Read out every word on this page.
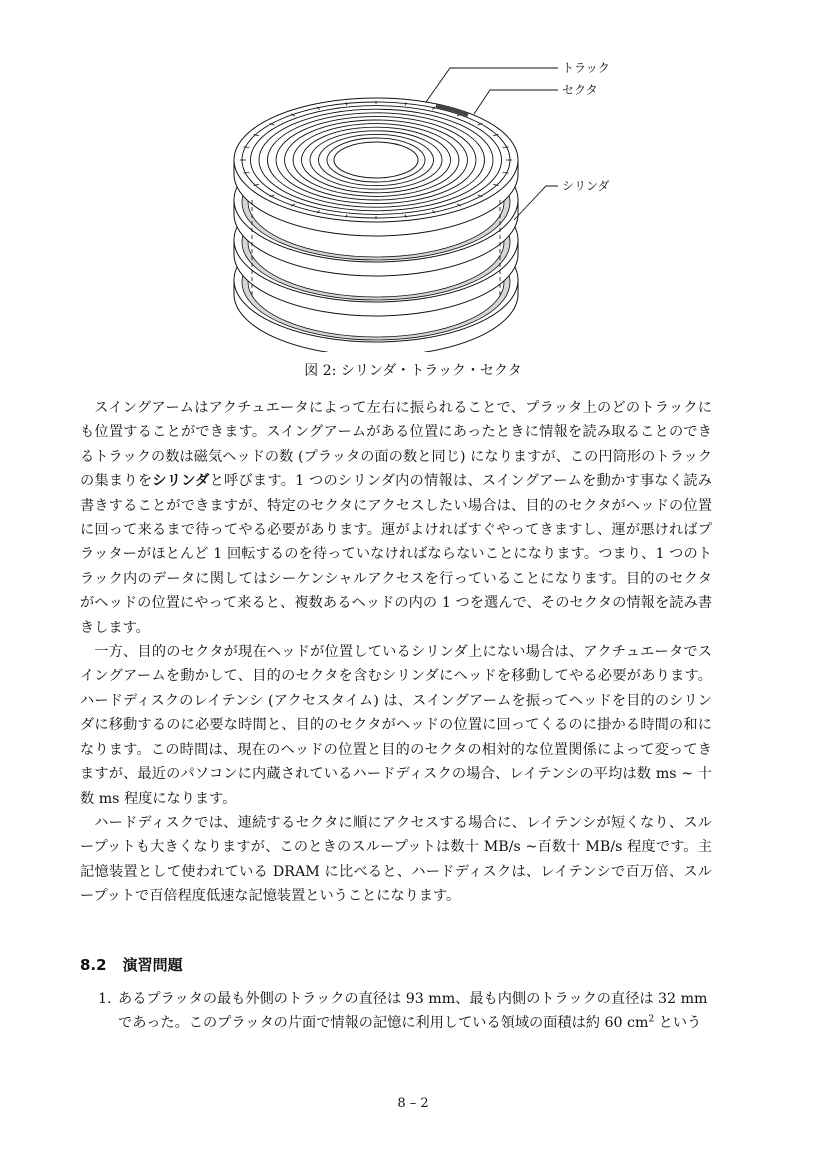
トラック
セクタ
シリンダ
図 2: シリンダ・トラック・セクタ

スイングアームはアクチュエータによって左右に振られることで、プラッタ上のどのトラックにも位置することができます。スイングアームがある位置にあったときに情報を読み取ることのできるトラックの数は磁気ヘッドの数 (プラッタの面の数と同じ) になりますが、この円筒形のトラックの集まりをシリンダと呼びます。1 つのシリンダ内の情報は、スイングアームを動かす事なく読み書きすることができますが、特定のセクタにアクセスしたい場合は、目的のセクタがヘッドの位置に回って来るまで待ってやる必要があります。運がよければすぐやってきますし、運が悪ければプラッターがほとんど 1 回転するのを待っていなければならないことになります。つまり、1 つのトラック内のデータに関してはシーケンシャルアクセスを行っていることになります。目的のセクタがヘッドの位置にやって来ると、複数あるヘッドの内の 1 つを選んで、そのセクタの情報を読み書きします。

一方、目的のセクタが現在ヘッドが位置しているシリンダ上にない場合は、アクチュエータでスイングアームを動かして、目的のセクタを含むシリンダにヘッドを移動してやる必要があります。ハードディスクのレイテンシ (アクセスタイム) は、スイングアームを振ってヘッドを目的のシリンダに移動するのに必要な時間と、目的のセクタがヘッドの位置に回ってくるのに掛かる時間の和になります。この時間は、現在のヘッドの位置と目的のセクタの相対的な位置関係によって変ってきますが、最近のパソコンに内蔵されているハードディスクの場合、レイテンシの平均は数 ms ~ 十数 ms 程度になります。

ハードディスクでは、連続するセクタに順にアクセスする場合に、レイテンシが短くなり、スループットも大きくなりますが、このときのスループットは数十 MB/s ~百数十 MB/s 程度です。主記憶装置として使われている DRAM に比べると、ハードディスクは、レイテンシで百万倍、スループットで百倍程度低速な記憶装置ということになります。

8.2 演習問題
1. あるプラッタの最も外側のトラックの直径は 93 mm、最も内側のトラックの直径は 32 mm であった。このプラッタの片面で情報の記憶に利用している領域の面積は約 60 $cm^2$ という
8 – 2
